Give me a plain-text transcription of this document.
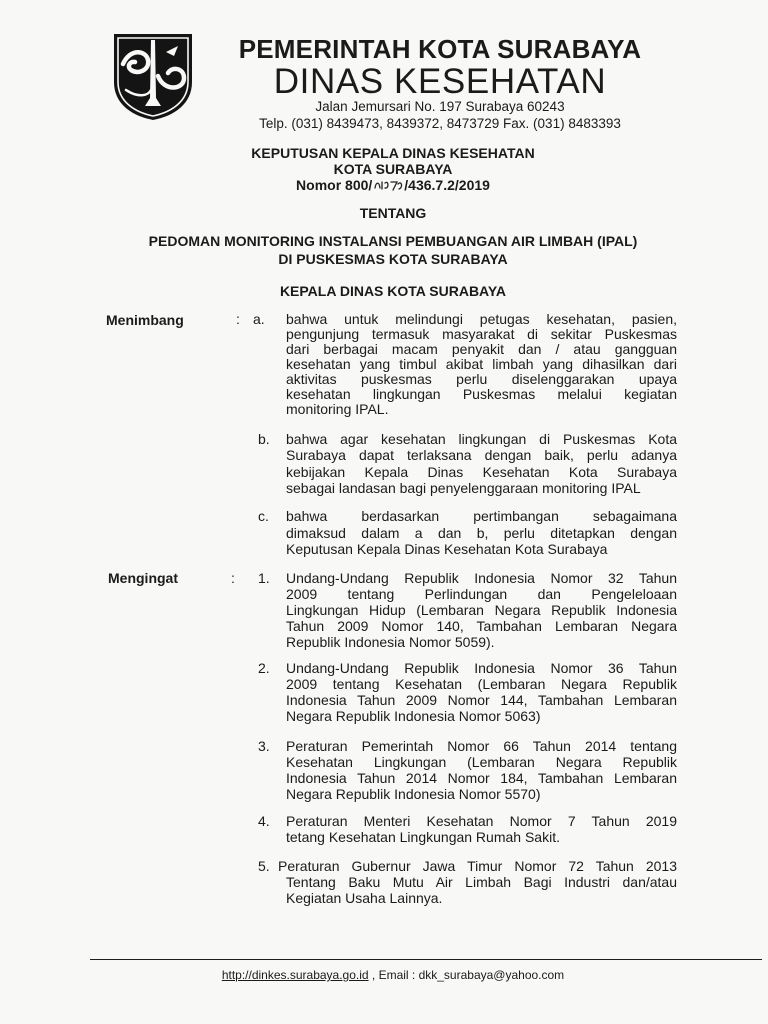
PEMERINTAH KOTA SURABAYA
DINAS KESEHATAN
Jalan Jemursari No. 197 Surabaya 60243
Telp. (031) 8439473, 8439372, 8473729 Fax. (031) 8483393
KEPUTUSAN KEPALA DINAS KESEHATAN
KOTA SURABAYA
Nomor 800/ /436.7.2/2019
TENTANG
PEDOMAN MONITORING INSTALANSI PEMBUANGAN AIR LIMBAH (IPAL)
DI PUSKESMAS KOTA SURABAYA
KEPALA DINAS KOTA SURABAYA
Menimbang	: a. bahwa untuk melindungi petugas kesehatan, pasien,
pengunjung termasuk masyarakat di sekitar Puskesmas
dari berbagai macam penyakit dan / atau gangguan
kesehatan yang timbul akibat limbah yang dihasilkan dari
aktivitas puskesmas perlu diselenggarakan upaya
kesehatan lingkungan Puskesmas melalui kegiatan
monitoring IPAL.
b. bahwa agar kesehatan lingkungan di Puskesmas Kota
Surabaya dapat terlaksana dengan baik, perlu adanya
kebijakan Kepala Dinas Kesehatan Kota Surabaya
sebagai landasan bagi penyelenggaraan monitoring IPAL
c. bahwa berdasarkan pertimbangan sebagaimana
dimaksud dalam a dan b, perlu ditetapkan dengan
Keputusan Kepala Dinas Kesehatan Kota Surabaya
Mengingat	: 1. Undang-Undang Republik Indonesia Nomor 32 Tahun
2009 tentang Perlindungan dan Pengeleloaan
Lingkungan Hidup (Lembaran Negara Republik Indonesia
Tahun 2009 Nomor 140, Tambahan Lembaran Negara
Republik Indonesia Nomor 5059).
2. Undang-Undang Republik Indonesia Nomor 36 Tahun
2009 tentang Kesehatan (Lembaran Negara Republik
Indonesia Tahun 2009 Nomor 144, Tambahan Lembaran
Negara Republik Indonesia Nomor 5063)
3. Peraturan Pemerintah Nomor 66 Tahun 2014 tentang
Kesehatan Lingkungan (Lembaran Negara Republik
Indonesia Tahun 2014 Nomor 184, Tambahan Lembaran
Negara Republik Indonesia Nomor 5570)
4. Peraturan Menteri Kesehatan Nomor 7 Tahun 2019
tetang Kesehatan Lingkungan Rumah Sakit.
5. Peraturan Gubernur Jawa Timur Nomor 72 Tahun 2013
Tentang Baku Mutu Air Limbah Bagi Industri dan/atau
Kegiatan Usaha Lainnya.
http://dinkes.surabaya.go.id , Email : dkk_surabaya@yahoo.com
